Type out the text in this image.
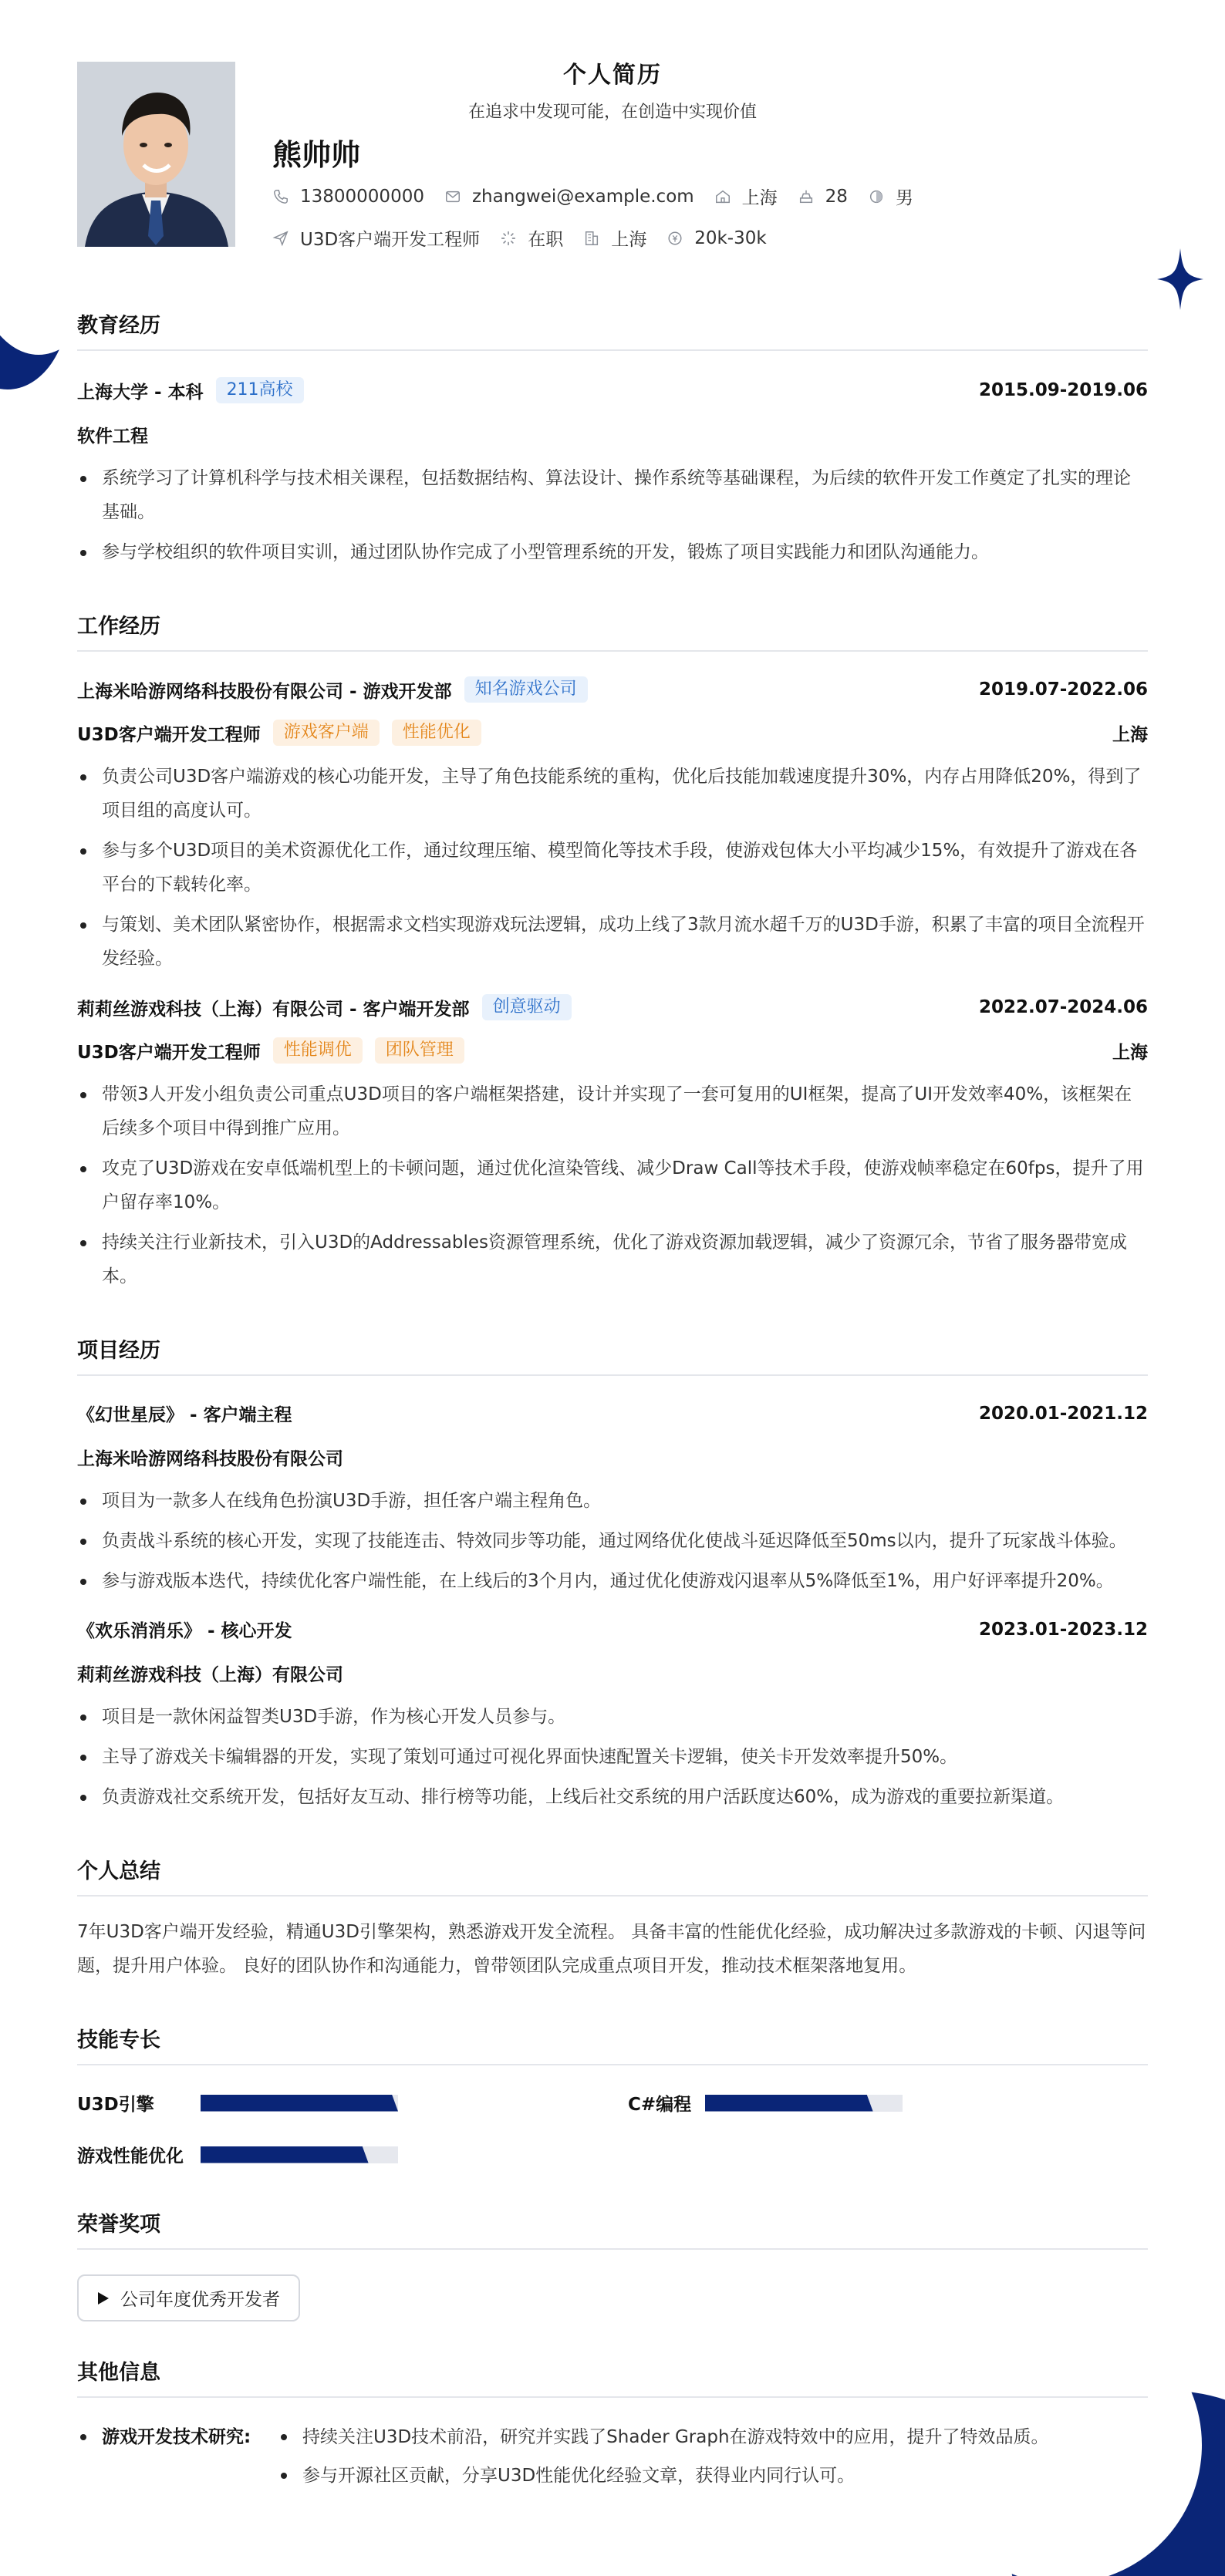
个人简历
在追求中发现可能，在创造中实现价值
熊帅帅
13800000000	zhangwei@example.com	上海	28	男
U3D客户端开发工程师	在职	上海	20k-30k
教育经历
上海大学 - 本科	211高校	2015.09-2019.06
软件工程
系统学习了计算机科学与技术相关课程，包括数据结构、算法设计、操作系统等基础课程，为后续的软件开发工作奠定了扎实的理论基础。
参与学校组织的软件项目实训，通过团队协作完成了小型管理系统的开发，锻炼了项目实践能力和团队沟通能力。
工作经历
上海米哈游网络科技股份有限公司 - 游戏开发部	知名游戏公司	2019.07-2022.06
U3D客户端开发工程师	游戏客户端	性能优化	上海
负责公司U3D客户端游戏的核心功能开发，主导了角色技能系统的重构，优化后技能加载速度提升30%，内存占用降低20%，得到了项目组的高度认可。
参与多个U3D项目的美术资源优化工作，通过纹理压缩、模型简化等技术手段，使游戏包体大小平均减少15%，有效提升了游戏在各平台的下载转化率。
与策划、美术团队紧密协作，根据需求文档实现游戏玩法逻辑，成功上线了3款月流水超千万的U3D手游，积累了丰富的项目全流程开发经验。
莉莉丝游戏科技（上海）有限公司 - 客户端开发部	创意驱动	2022.07-2024.06
U3D客户端开发工程师	性能调优	团队管理	上海
带领3人开发小组负责公司重点U3D项目的客户端框架搭建，设计并实现了一套可复用的UI框架，提高了UI开发效率40%，该框架在后续多个项目中得到推广应用。
攻克了U3D游戏在安卓低端机型上的卡顿问题，通过优化渲染管线、减少Draw Call等技术手段，使游戏帧率稳定在60fps，提升了用户留存率10%。
持续关注行业新技术，引入U3D的Addressables资源管理系统，优化了游戏资源加载逻辑，减少了资源冗余，节省了服务器带宽成本。
项目经历
《幻世星辰》 - 客户端主程	2020.01-2021.12
上海米哈游网络科技股份有限公司
项目为一款多人在线角色扮演U3D手游，担任客户端主程角色。
负责战斗系统的核心开发，实现了技能连击、特效同步等功能，通过网络优化使战斗延迟降低至50ms以内，提升了玩家战斗体验。
参与游戏版本迭代，持续优化客户端性能，在上线后的3个月内，通过优化使游戏闪退率从5%降低至1%，用户好评率提升20%。
《欢乐消消乐》 - 核心开发	2023.01-2023.12
莉莉丝游戏科技（上海）有限公司
项目是一款休闲益智类U3D手游，作为核心开发人员参与。
主导了游戏关卡编辑器的开发，实现了策划可通过可视化界面快速配置关卡逻辑，使关卡开发效率提升50%。
负责游戏社交系统开发，包括好友互动、排行榜等功能，上线后社交系统的用户活跃度达60%，成为游戏的重要拉新渠道。
个人总结
7年U3D客户端开发经验，精通U3D引擎架构，熟悉游戏开发全流程。 具备丰富的性能优化经验，成功解决过多款游戏的卡顿、闪退等问题，提升用户体验。 良好的团队协作和沟通能力，曾带领团队完成重点项目开发，推动技术框架落地复用。
技能专长
U3D引擎	C#编程
游戏性能优化
荣誉奖项
公司年度优秀开发者
其他信息
游戏开发技术研究:	持续关注U3D技术前沿，研究并实践了Shader Graph在游戏特效中的应用，提升了特效品质。
参与开源社区贡献，分享U3D性能优化经验文章，获得业内同行认可。
